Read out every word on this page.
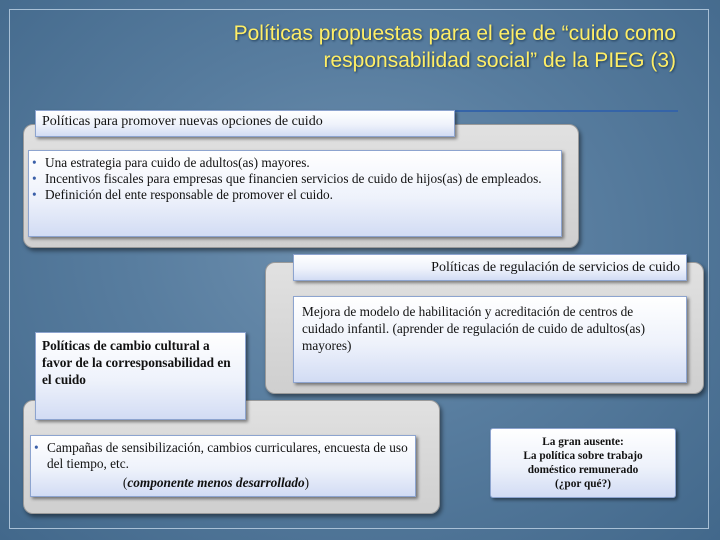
Políticas propuestas para el eje de “cuido como
responsabilidad social” de la PIEG (3)
Políticas para promover nuevas opciones de cuido
• Una estrategia para cuido de adultos(as) mayores.
• Incentivos fiscales para empresas que financien servicios de cuido de hijos(as) de empleados.
• Definición del ente responsable de promover el cuido.
Políticas de regulación de servicios de cuido
Mejora de modelo de habilitación y acreditación de centros de cuidado infantil. (aprender de regulación de cuido de adultos(as) mayores)
Políticas de cambio cultural a favor de la corresponsabilidad en el cuido
• Campañas de sensibilización, cambios curriculares, encuesta de uso del tiempo, etc.
(componente menos desarrollado)
La gran ausente:
La política sobre trabajo
doméstico remunerado
(¿por qué?)
